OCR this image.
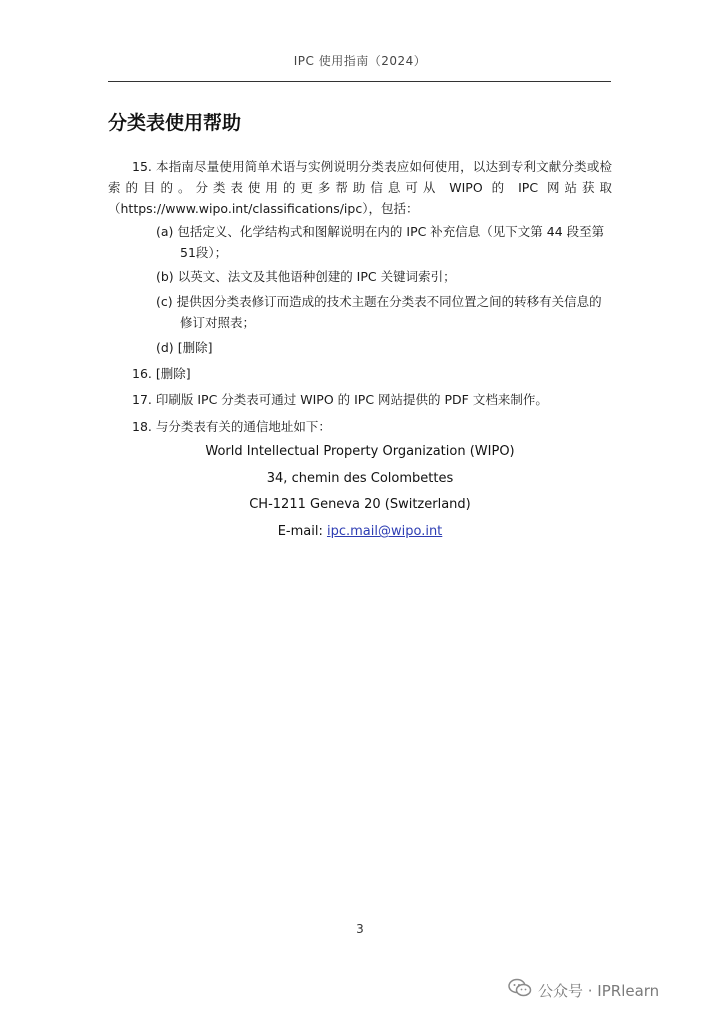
IPC 使用指南（2024）
分类表使用帮助

15. 本指南尽量使用简单术语与实例说明分类表应如何使用，以达到专利文献分类或检索的目的。分类表使用的更多帮助信息可从 WIPO 的 IPC 网站获取（https://www.wipo.int/classifications/ipc），包括：

(a) 包括定义、化学结构式和图解说明在内的 IPC 补充信息（见下文第 44 段至第51段）；

(b) 以英文、法文及其他语种创建的 IPC 关键词索引；

(c) 提供因分类表修订而造成的技术主题在分类表不同位置之间的转移有关信息的修订对照表；

(d) [删除]

16. [删除]

17. 印刷版 IPC 分类表可通过 WIPO 的 IPC 网站提供的 PDF 文档来制作。

18. 与分类表有关的通信地址如下：

World Intellectual Property Organization (WIPO)
34, chemin des Colombettes
CH-1211 Geneva 20 (Switzerland)
E-mail: ipc.mail@wipo.int
3
公众号 · IPRlearn
